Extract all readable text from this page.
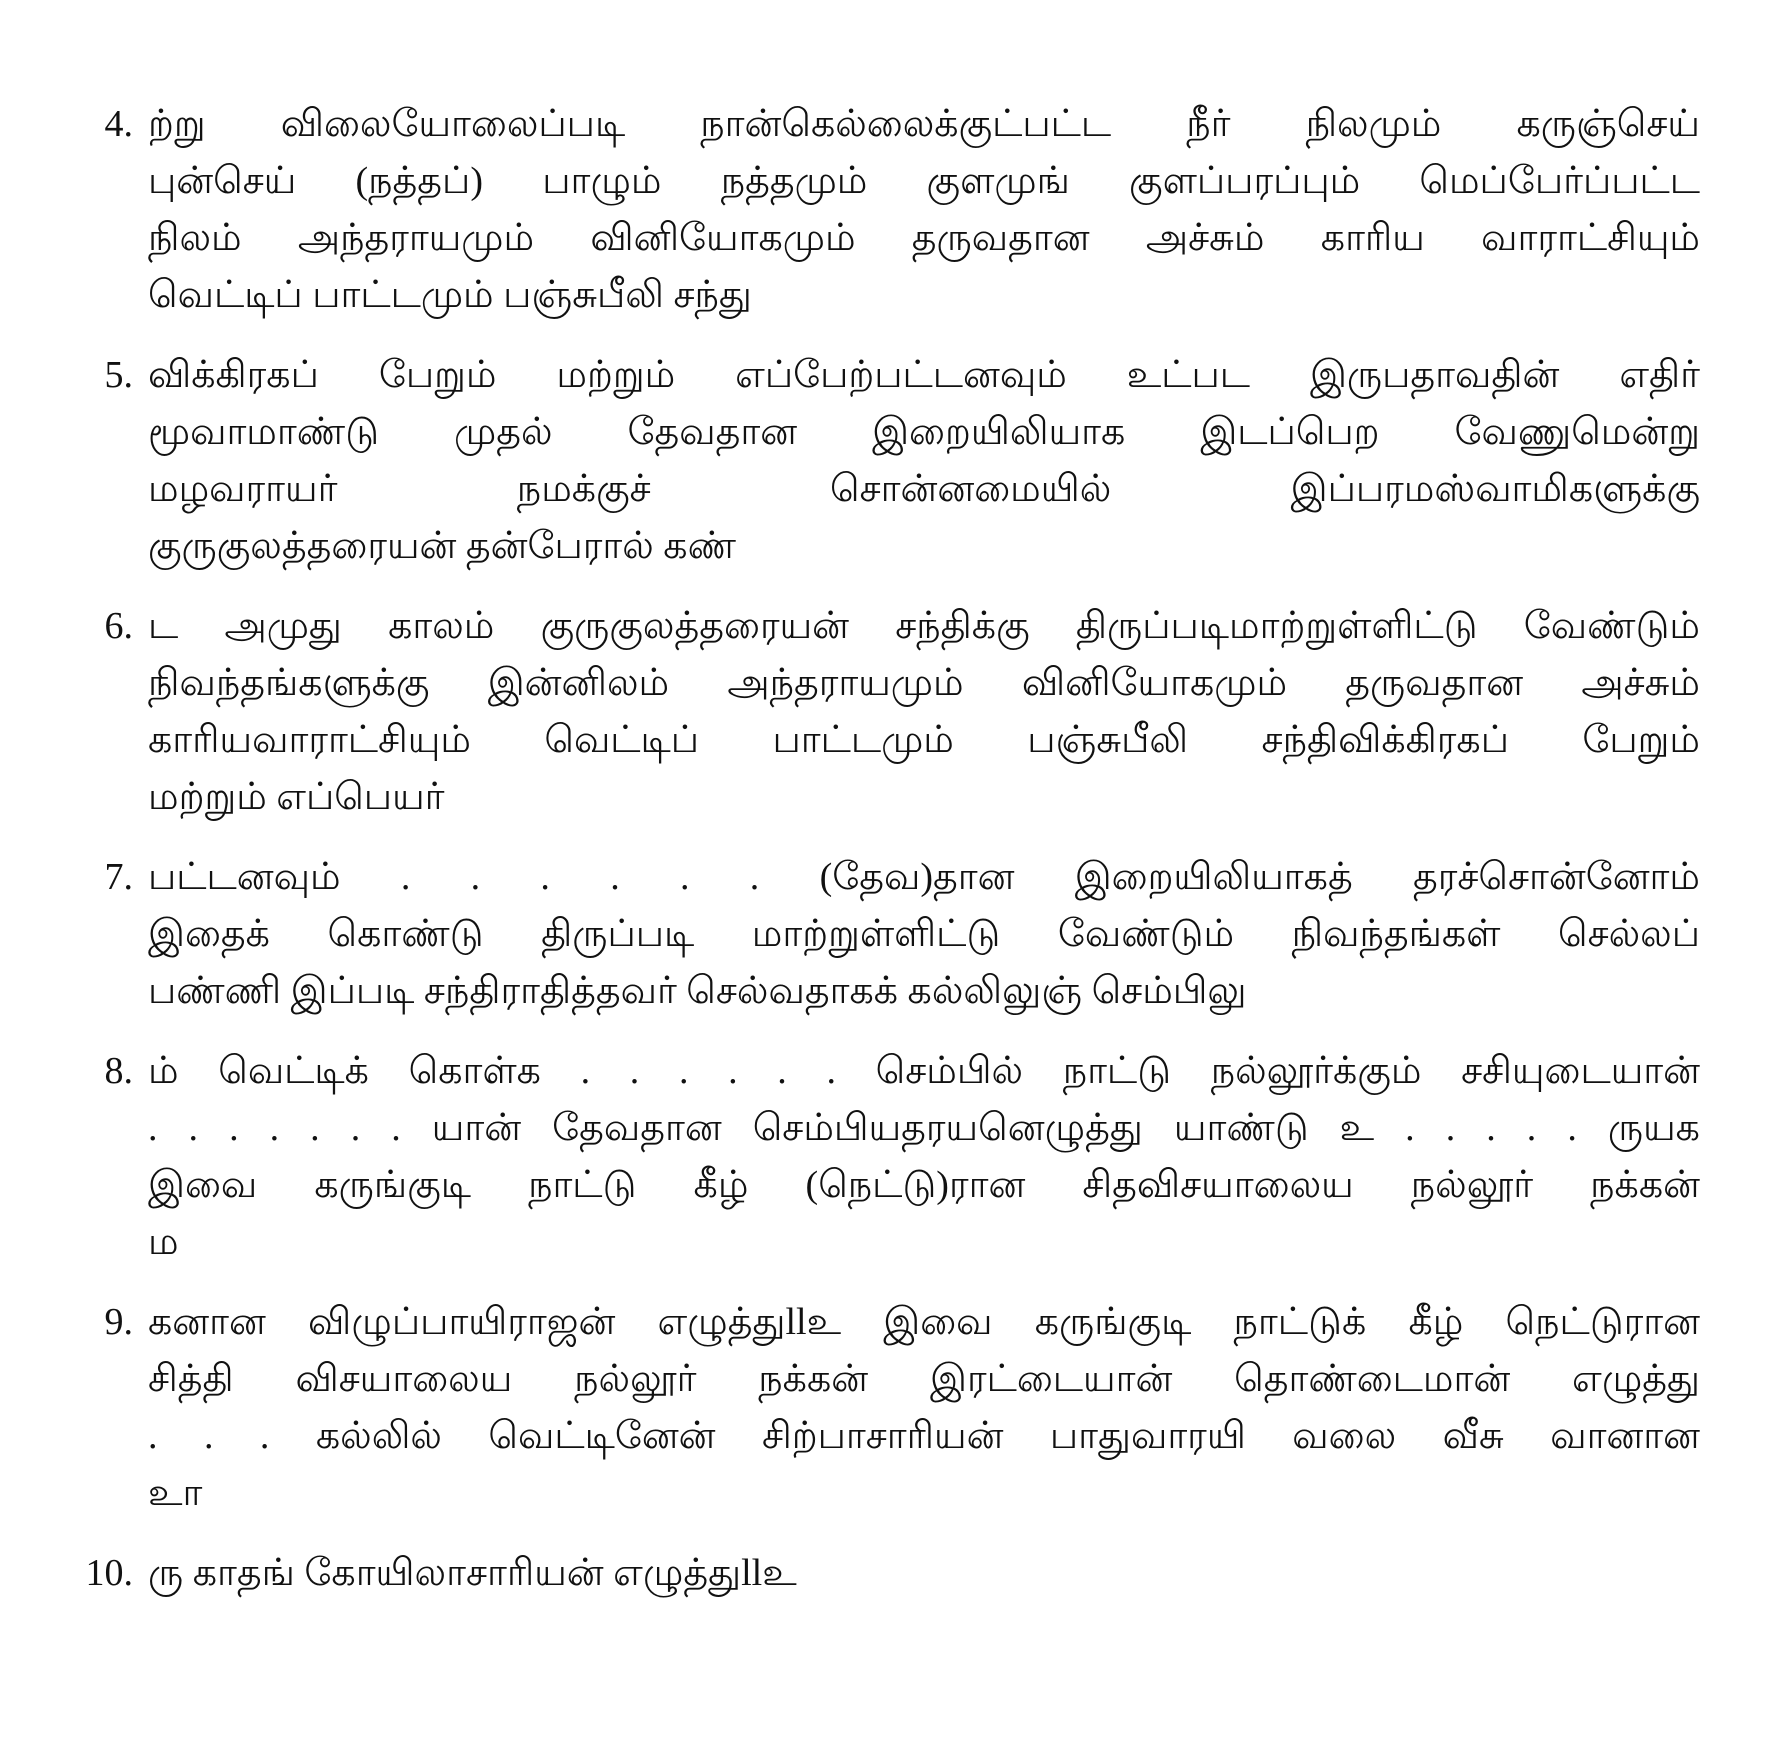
4. ற்று விலையோலைப்படி நான்கெல்லைக்குட்பட்ட நீர் நிலமும் கருஞ்செய்
புன்செய் (நத்தப்) பாழும் நத்தமும் குளமுங் குளப்பரப்பும் மெப்பேர்ப்பட்ட
நிலம் அந்தராயமும் வினியோகமும் தருவதான அச்சும் காரிய வாராட்சியும்
வெட்டிப் பாட்டமும் பஞ்சுபீலி சந்து
5. விக்கிரகப் பேறும் மற்றும் எப்பேற்பட்டனவும் உட்பட இருபதாவதின் எதிர்
மூவாமாண்டு முதல் தேவதான இறையிலியாக இடப்பெற வேணுமென்று
மழவராயர் நமக்குச் சொன்னமையில் இப்பரமஸ்வாமிகளுக்கு
குருகுலத்தரையன் தன்பேரால் கண்
6. ட அமுது காலம் குருகுலத்தரையன் சந்திக்கு திருப்படிமாற்றுள்ளிட்டு வேண்டும்
நிவந்தங்களுக்கு இன்னிலம் அந்தராயமும் வினியோகமும் தருவதான அச்சும்
காரியவாராட்சியும் வெட்டிப் பாட்டமும் பஞ்சுபீலி சந்திவிக்கிரகப் பேறும்
மற்றும் எப்பெயர்
7. பட்டனவும் . . . . . . (தேவ)தான இறையிலியாகத் தரச்சொன்னோம்
இதைக் கொண்டு திருப்படி மாற்றுள்ளிட்டு வேண்டும் நிவந்தங்கள் செல்லப்
பண்ணி இப்படி சந்திராதித்தவர் செல்வதாகக் கல்லிலுஞ் செம்பிலு
8. ம் வெட்டிக் கொள்க . . . . . . செம்பில் நாட்டு நல்லூர்க்கும் சசியுடையான்
. . . . . . . யான் தேவதான செம்பியதரயனெழுத்து யாண்டு உ . . . . . ருயக
இவை கருங்குடி நாட்டு கீழ் (நெட்டு)ரான சிதவிசயாலைய நல்லூர் நக்கன்
ம
9. கனான விழுப்பாயிராஜன் எழுத்துllஉ இவை கருங்குடி நாட்டுக் கீழ் நெட்டுரான
சித்தி விசயாலைய நல்லூர் நக்கன் இரட்டையான் தொண்டைமான் எழுத்து
. . . கல்லில் வெட்டினேன் சிற்பாசாரியன் பாதுவாரயி வலை வீசு வானான
உா
10. ரு காதங் கோயிலாசாரியன் எழுத்துllஉ
